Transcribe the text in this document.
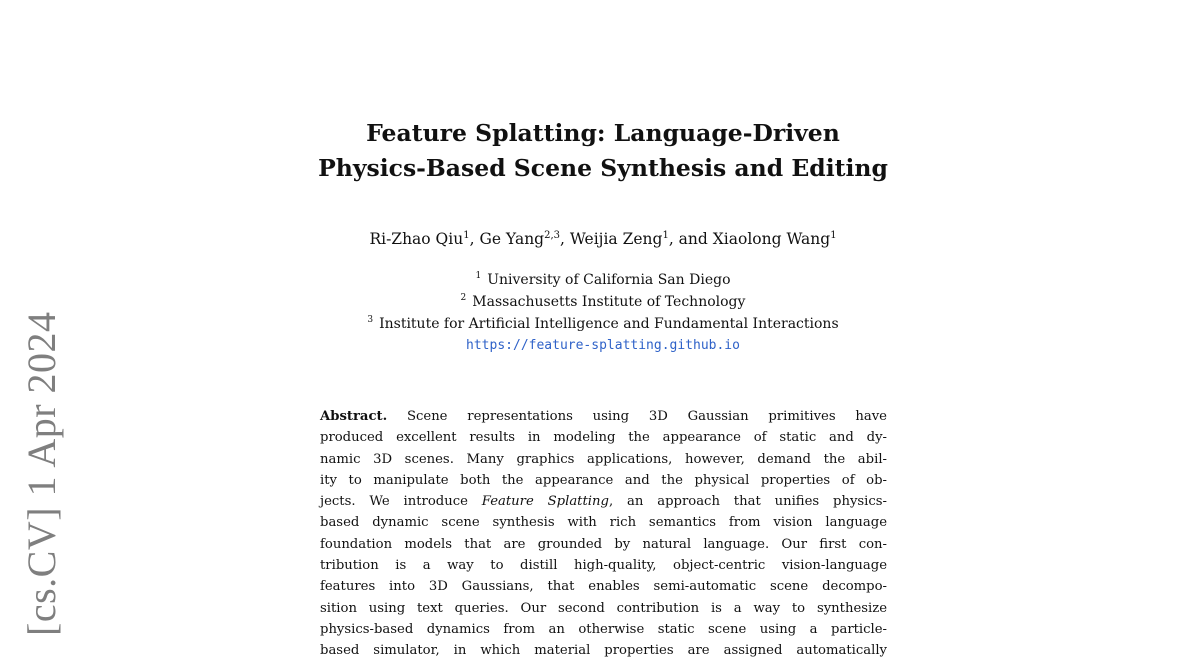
[cs.CV] 1 Apr 2024
Feature Splatting: Language-Driven
Physics-Based Scene Synthesis and Editing
Ri-Zhao Qiu$^1$, Ge Yang$^{2,3}$, Weijia Zeng$^1$, and Xiaolong Wang$^1$
$^1$ University of California San Diego
$^2$ Massachusetts Institute of Technology
$^3$ Institute for Artificial Intelligence and Fundamental Interactions
https://feature-splatting.github.io
Abstract. Scene representations using 3D Gaussian primitives have
produced excellent results in modeling the appearance of static and dy-
namic 3D scenes. Many graphics applications, however, demand the abil-
ity to manipulate both the appearance and the physical properties of ob-
jects. We introduce Feature Splatting, an approach that unifies physics-
based dynamic scene synthesis with rich semantics from vision language
foundation models that are grounded by natural language. Our first con-
tribution is a way to distill high-quality, object-centric vision-language
features into 3D Gaussians, that enables semi-automatic scene decompo-
sition using text queries. Our second contribution is a way to synthesize
physics-based dynamics from an otherwise static scene using a particle-
based simulator, in which material properties are assigned automatically
